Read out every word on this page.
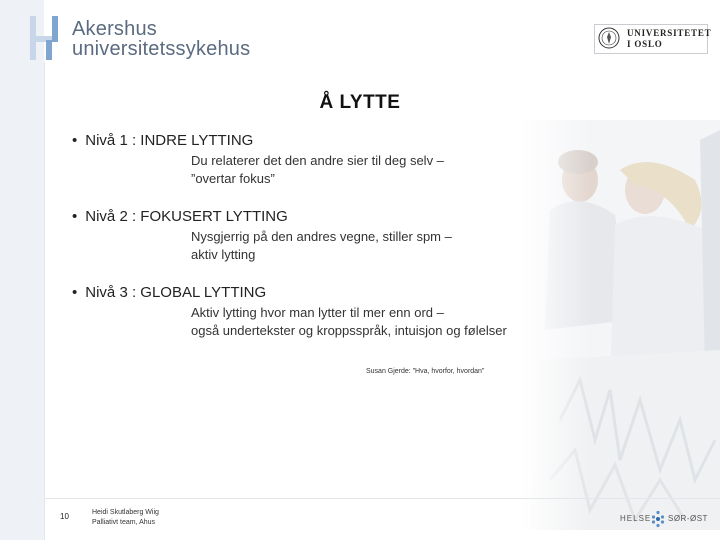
Akershus
universitetssykehus
UNIVERSITETET
I OSLO
Å LYTTE
• Nivå 1 : INDRE LYTTING
Du relaterer det den andre sier til deg selv –
”overtar fokus”
• Nivå 2 : FOKUSERT LYTTING
Nysgjerrig på den andres vegne, stiller spm –
aktiv lytting
• Nivå 3 : GLOBAL LYTTING
Aktiv lytting hvor man lytter til mer enn ord –
også undertekster og kroppsspråk, intuisjon og følelser
Susan Gjerde: ”Hva, hvorfor, hvordan”
10	Heidi Skutlaberg Wiig
Palliativt team, Ahus	HELSE SØR-ØST
